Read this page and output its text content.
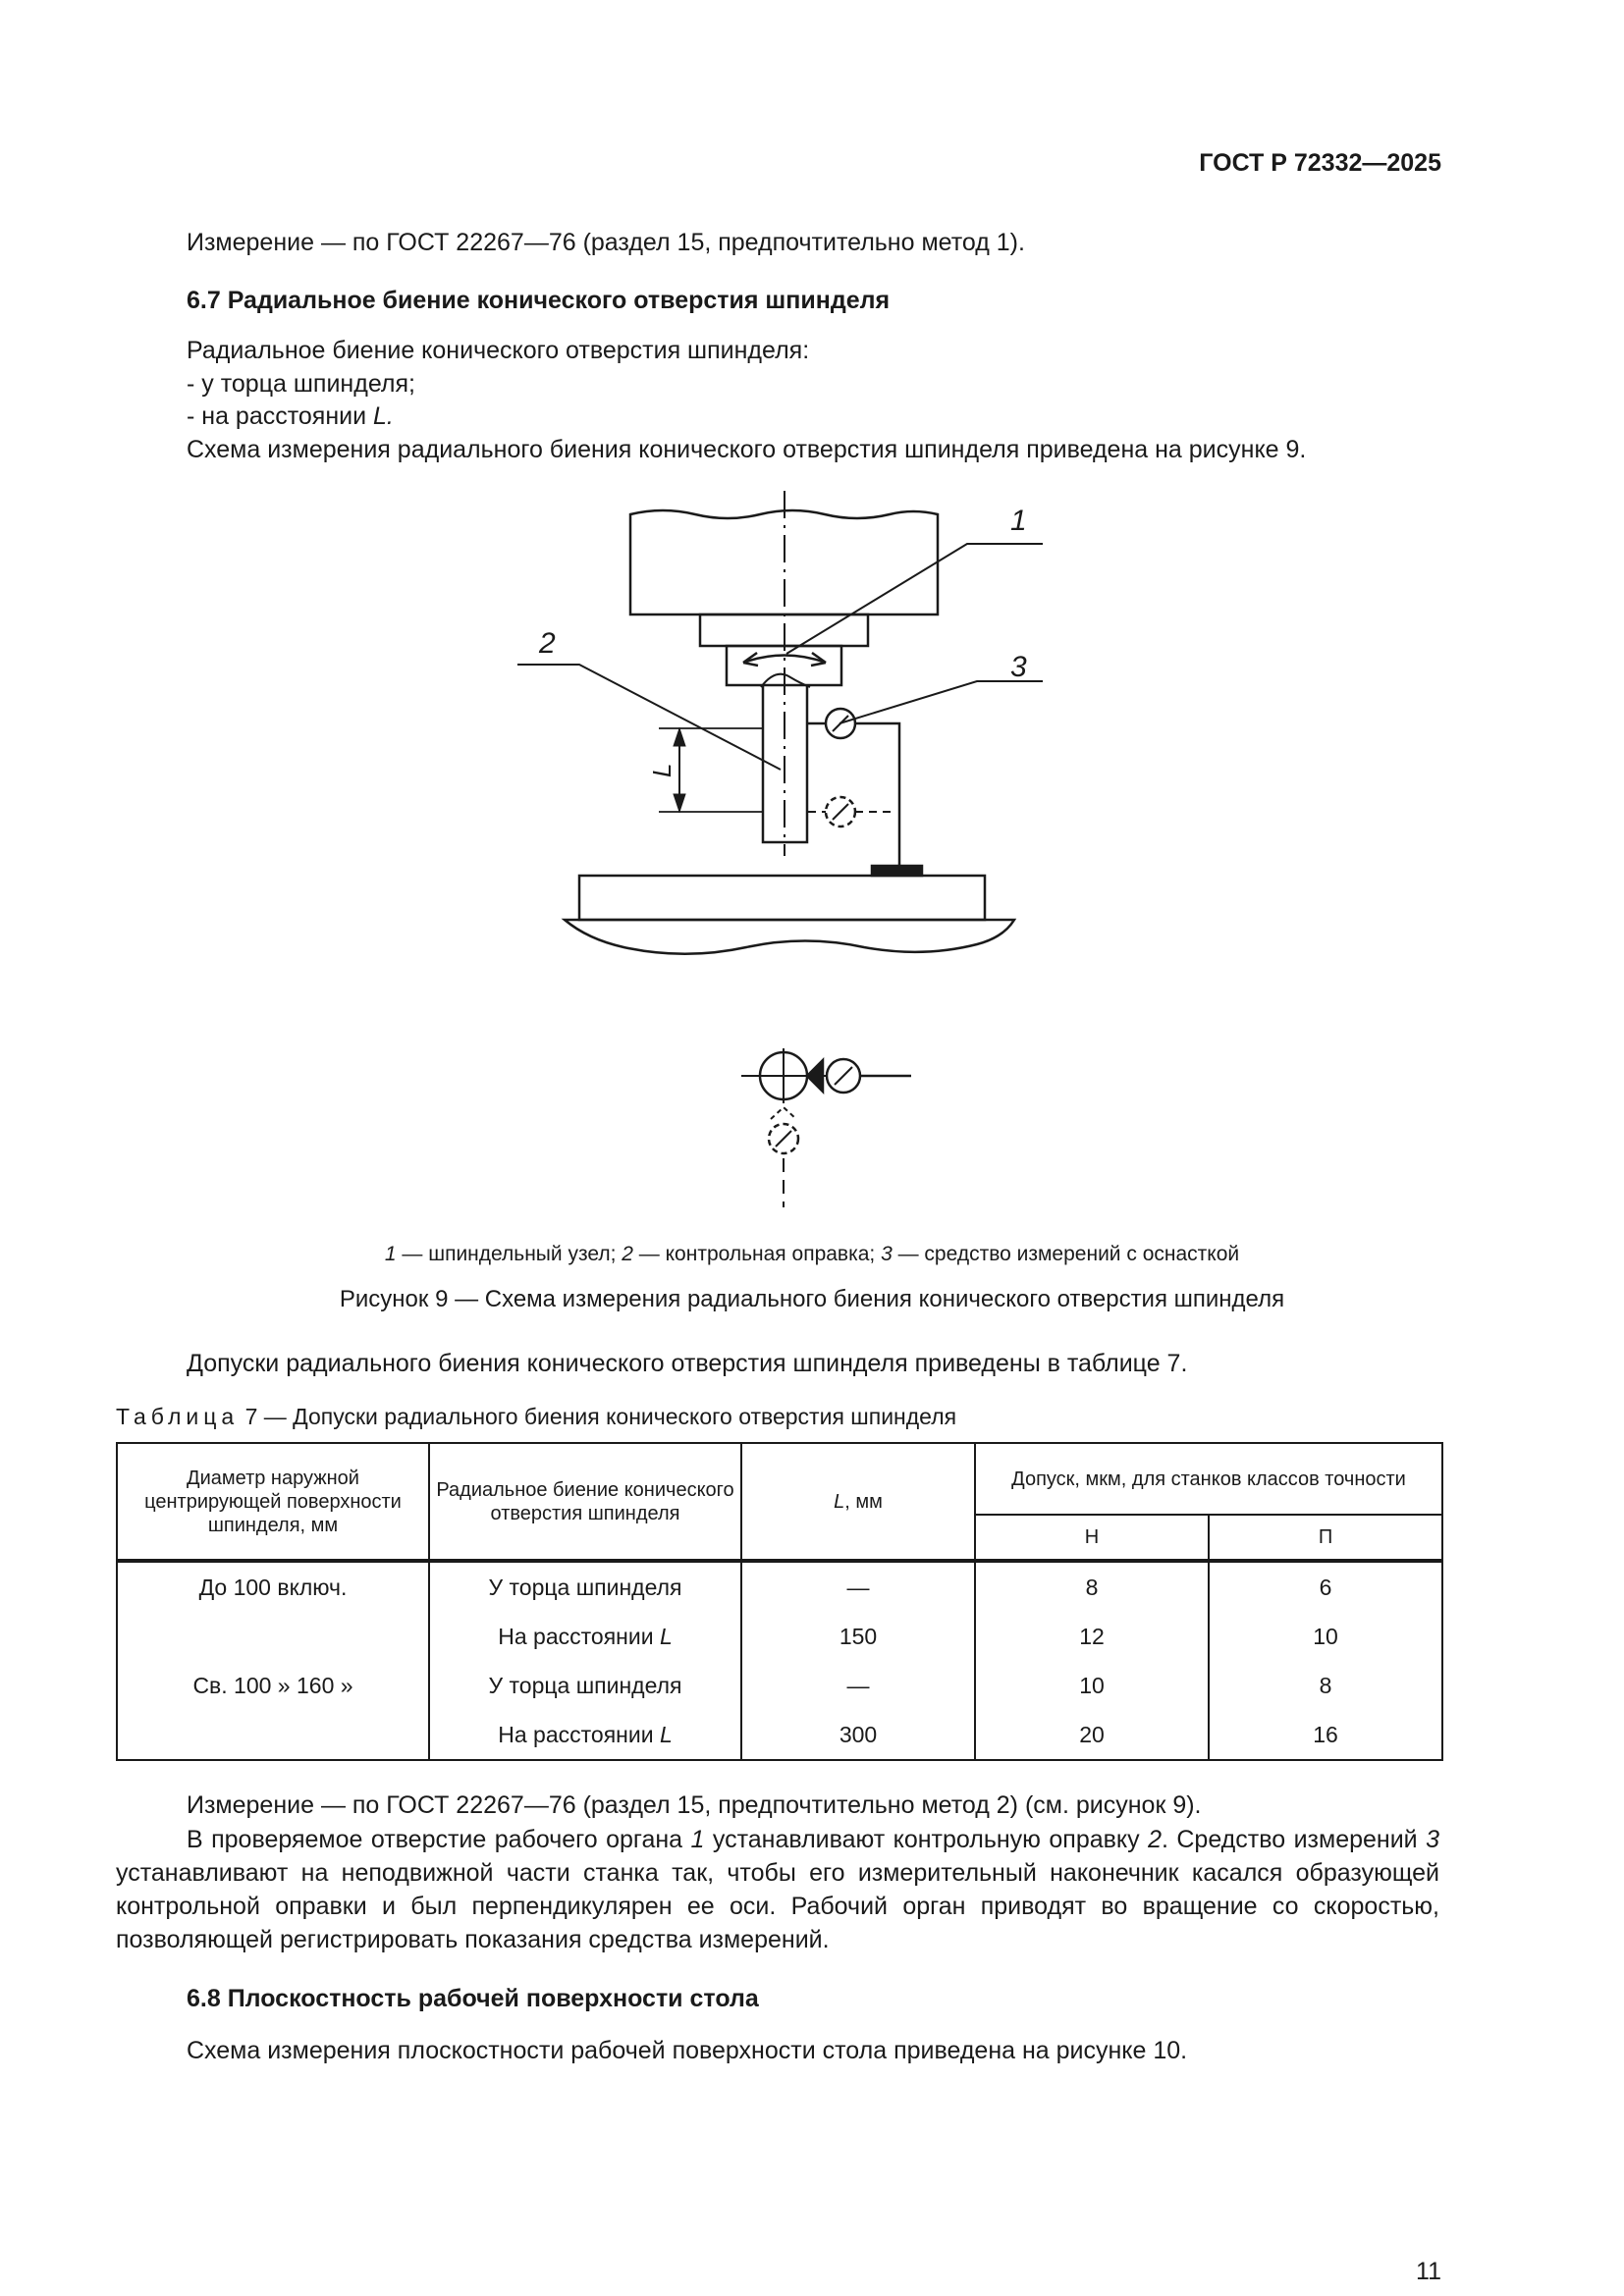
ГОСТ Р 72332—2025
Измерение — по ГОСТ 22267—76 (раздел 15, предпочтительно метод 1).
6.7 Радиальное биение конического отверстия шпинделя
Радиальное биение конического отверстия шпинделя:
- у торца шпинделя;
- на расстоянии L.
Схема измерения радиального биения конического отверстия шпинделя приведена на рисунке 9.
1
2
3
L
1 — шпиндельный узел; 2 — контрольная оправка; 3 — средство измерений с оснасткой
Рисунок 9 — Схема измерения радиального биения конического отверстия шпинделя
Допуски радиального биения конического отверстия шпинделя приведены в таблице 7.
Таблица 7 — Допуски радиального биения конического отверстия шпинделя
Диаметр наружной центрирующей поверхности шпинделя, мм	Радиальное биение конического отверстия шпинделя	L, мм	Допуск, мкм, для станков классов точности	
			Н	П
До 100 включ.	У торца шпинделя	—	8	6
	На расстоянии L	150	12	10
Св. 100 » 160 »	У торца шпинделя	—	10	8
	На расстоянии L	300	20	16
Измерение — по ГОСТ 22267—76 (раздел 15, предпочтительно метод 2) (см. рисунок 9).
В проверяемое отверстие рабочего органа 1 устанавливают контрольную оправку 2. Средство измерений 3 устанавливают на неподвижной части станка так, чтобы его измерительный наконечник касался образующей контрольной оправки и был перпендикулярен ее оси. Рабочий орган приводят во вращение со скоростью, позволяющей регистрировать показания средства измерений.
6.8 Плоскостность рабочей поверхности стола
Схема измерения плоскостности рабочей поверхности стола приведена на рисунке 10.
11
